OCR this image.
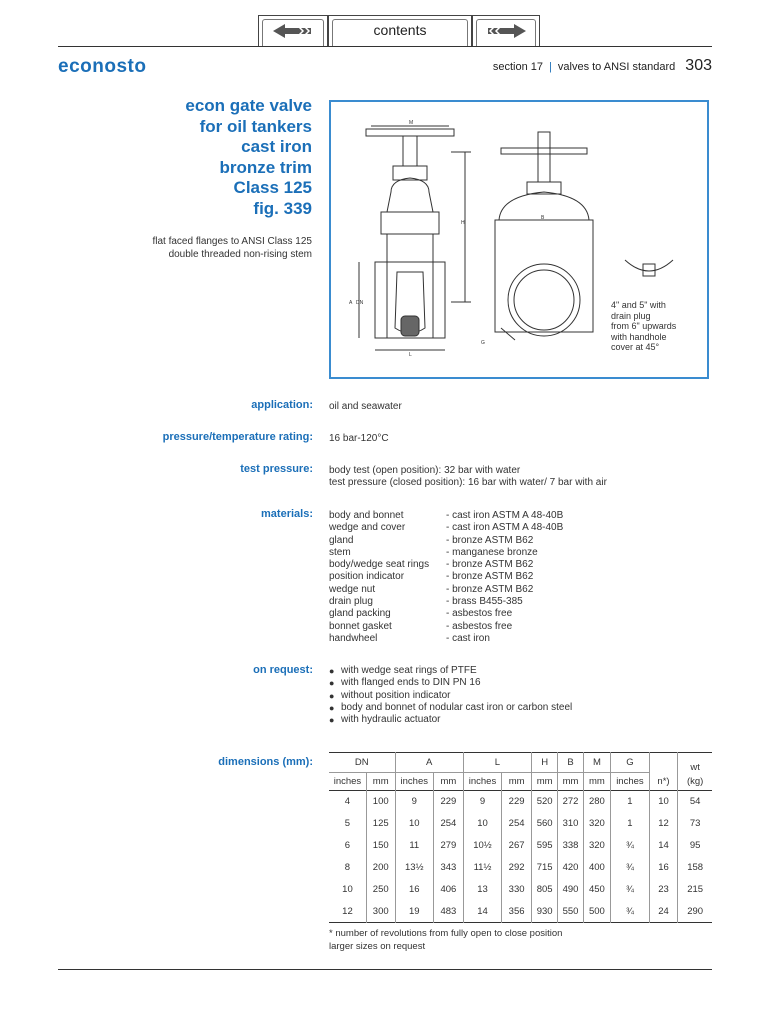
contents
econosto	section 17 | valves to ANSI standard 303
econ gate valve
for oil tankers
cast iron
bronze trim
Class 125
fig. 339
flat faced flanges to ANSI Class 125
double threaded non-rising stem
M
H
A DN
L
B
G
4" and 5" with
drain plug
from 6" upwards
with handhole
cover at 45°
application: oil and seawater
pressure/temperature rating: 16 bar-120°C
test pressure: body test (open position): 32 bar with water
test pressure (closed position): 16 bar with water/ 7 bar with air
materials: body and bonnet	- cast iron ASTM A 48-40B
wedge and cover	- cast iron ASTM A 48-40B
gland	- bronze ASTM B62
stem	- manganese bronze
body/wedge seat rings	- bronze ASTM B62
position indicator	- bronze ASTM B62
wedge nut	- bronze ASTM B62
drain plug	- brass B455-385
gland packing	- asbestos free
bonnet gasket	- asbestos free
handwheel	- cast iron
on request:	● with wedge seat rings of PTFE
● with flanged ends to DIN PN 16
● without position indicator
● body and bonnet of nodular cast iron or carbon steel
● with hydraulic actuator
dimensions (mm):	DN		A		L		H	B	M	G		wt
inches	mm	inches	mm	inches	mm	mm	mm	mm	inches	n*)	(kg)
4	100	9	229	9	229	520	272	280	1	10	54
5	125	10	254	10	254	560	310	320	1	12	73
6	150	11	279	10½	267	595	338	320	¾	14	95
8	200	13½	343	11½	292	715	420	400	¾	16	158
10	250	16	406	13	330	805	490	450	¾	23	215
12	300	19	483	14	356	930	550	500	¾	24	290
* number of revolutions from fully open to close position
larger sizes on request
